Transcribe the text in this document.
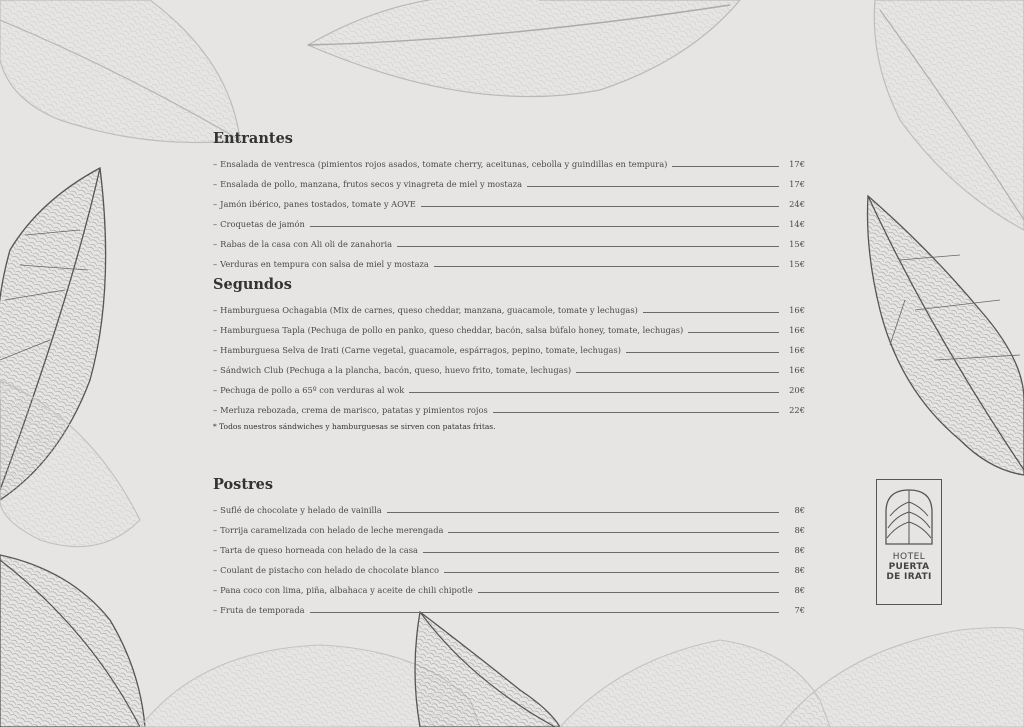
Entrantes
– Ensalada de ventresca (pimientos rojos asados, tomate cherry, aceitunas, cebolla y guindillas en tempura)	17€
– Ensalada de pollo, manzana, frutos secos y vinagreta de miel y mostaza	17€
– Jamón ibérico, panes tostados, tomate y AOVE	24€
– Croquetas de jamón	14€
– Rabas de la casa con Ali oli de zanahoria	15€
– Verduras en tempura con salsa de miel y mostaza	15€
Segundos
– Hamburguesa Ochagabia (Mix de carnes, queso cheddar, manzana, guacamole, tomate y lechugas)	16€
– Hamburguesa Tapla (Pechuga de pollo en panko, queso cheddar, bacón, salsa búfalo honey, tomate, lechugas)	16€
– Hamburguesa Selva de Irati (Carne vegetal, guacamole, espárragos, pepino, tomate, lechugas)	16€
– Sándwich Club (Pechuga a la plancha, bacón, queso, huevo frito, tomate, lechugas)	16€
– Pechuga de pollo a 65º con verduras al wok	20€
– Merluza rebozada, crema de marisco, patatas y pimientos rojos	22€
* Todos nuestros sándwiches y hamburguesas se sirven con patatas fritas.
Postres
– Suflé de chocolate y helado de vainilla	8€
– Torrija caramelizada con helado de leche merengada	8€
– Tarta de queso horneada con helado de la casa	8€
– Coulant de pistacho con helado de chocolate blanco	8€
– Pana coco con lima, piña, albahaca y aceite de chili chipotle	8€
– Fruta de temporada	7€
HOTEL
PUERTA
DE IRATI
